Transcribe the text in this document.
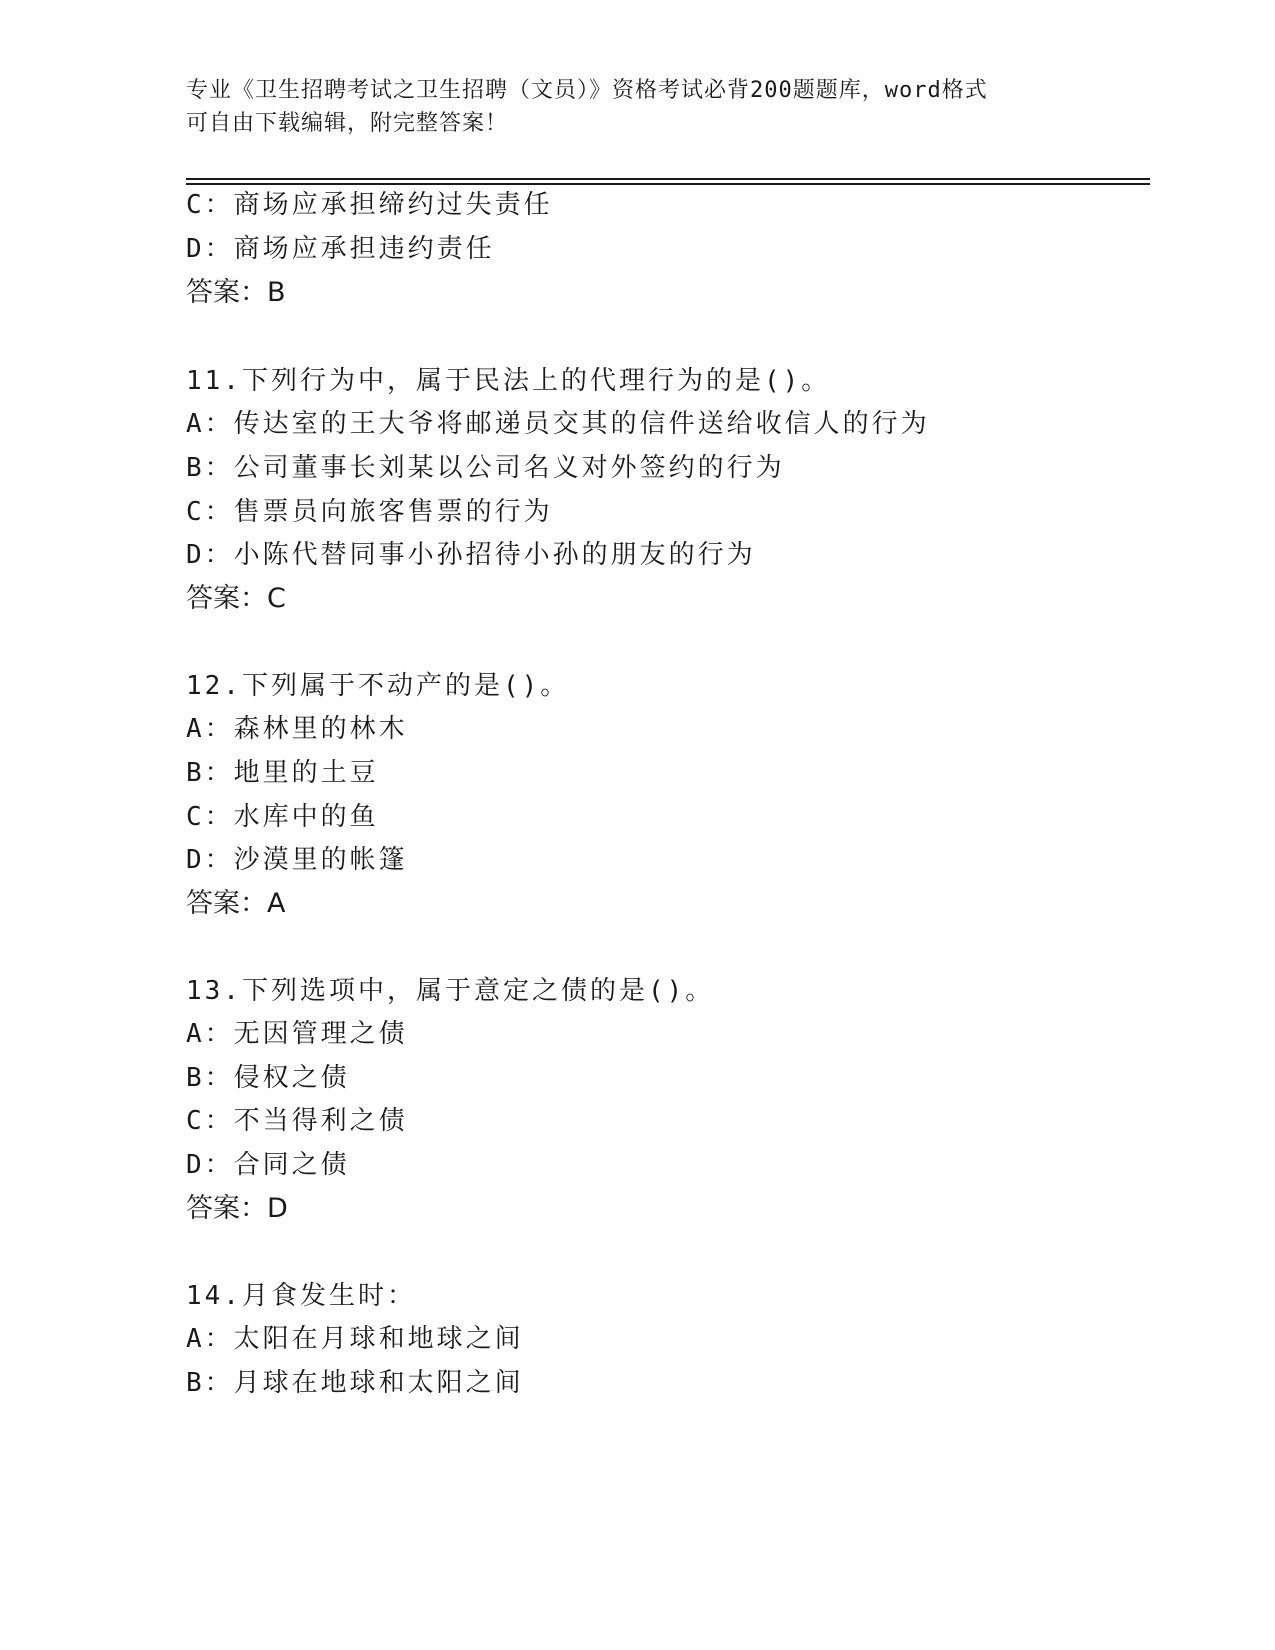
专业《卫生招聘考试之卫生招聘（文员）》资格考试必背200题题库，word格式
可自由下载编辑，附完整答案！
C：商场应承担缔约过失责任
D：商场应承担违约责任
答案：B
11.下列行为中，属于民法上的代理行为的是()。
A：传达室的王大爷将邮递员交其的信件送给收信人的行为
B：公司董事长刘某以公司名义对外签约的行为
C：售票员向旅客售票的行为
D：小陈代替同事小孙招待小孙的朋友的行为
答案：C
12.下列属于不动产的是()。
A：森林里的林木
B：地里的土豆
C：水库中的鱼
D：沙漠里的帐篷
答案：A
13.下列选项中，属于意定之债的是()。
A：无因管理之债
B：侵权之债
C：不当得利之债
D：合同之债
答案：D
14.月食发生时：
A：太阳在月球和地球之间
B：月球在地球和太阳之间
